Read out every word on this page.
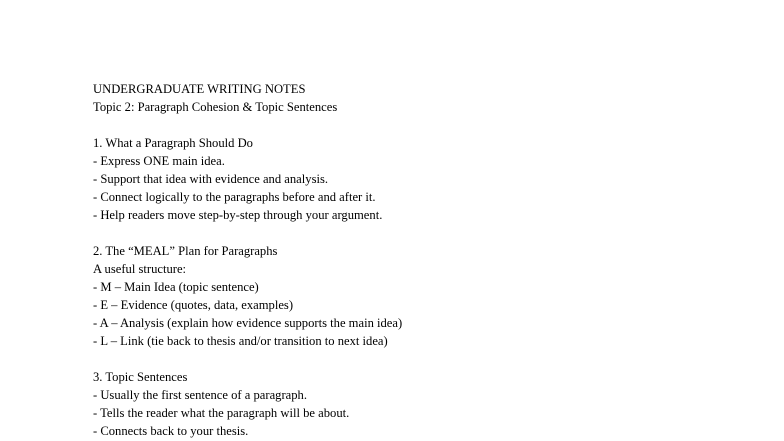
UNDERGRADUATE WRITING NOTES
Topic 2: Paragraph Cohesion & Topic Sentences
1. What a Paragraph Should Do
- Express ONE main idea.
- Support that idea with evidence and analysis.
- Connect logically to the paragraphs before and after it.
- Help readers move step-by-step through your argument.
2. The “MEAL” Plan for Paragraphs
A useful structure:
- M – Main Idea (topic sentence)
- E – Evidence (quotes, data, examples)
- A – Analysis (explain how evidence supports the main idea)
- L – Link (tie back to thesis and/or transition to next idea)
3. Topic Sentences
- Usually the first sentence of a paragraph.
- Tells the reader what the paragraph will be about.
- Connects back to your thesis.
